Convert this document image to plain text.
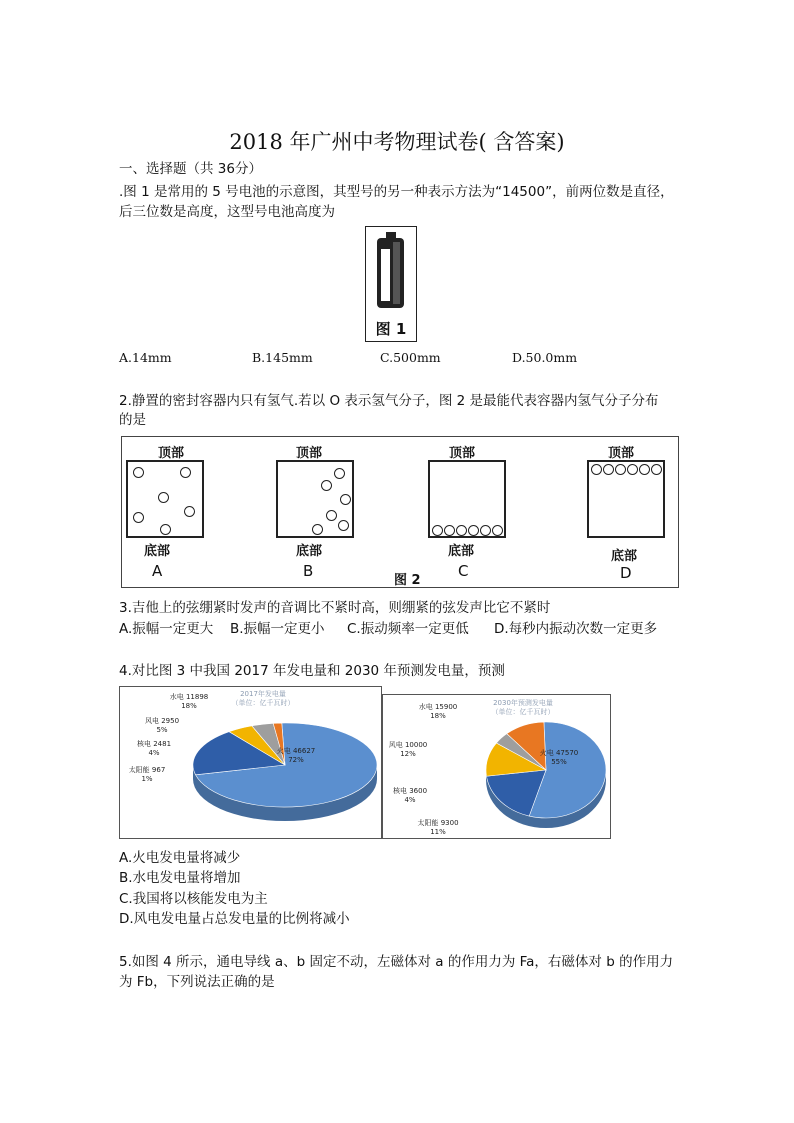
2018 年广州中考物理试卷( 含答案)
一、选择题（共 36分）
.图 1 是常用的 5 号电池的示意图，其型号的另一种表示方法为“14500”，前两位数是直径，
后三位数是高度，这型号电池高度为
图 1
A.14mm	B.145mm	C.500mm	D.50.0mm
2.静置的密封容器内只有氢气.若以 O 表示氢气分子，图 2 是最能代表容器内氢气分子分布
的是
顶部
底部
A
顶部
底部
B
顶部
底部
C
顶部
底部
D
图 2
3.吉他上的弦绷紧时发声的音调比不紧时高，则绷紧的弦发声比它不紧时
A.振幅一定更大 B.振幅一定更小 C.振动频率一定更低 D.每秒内振动次数一定更多
4.对比图 3 中我国 2017 年发电量和 2030 年预测发电量，预测
2017年发电量
（单位：亿千瓦时）
水电 11898
18%
风电 2950
5%
核电 2481
4%
太阳能 967
1%
火电 46627
72%
2030年预测发电量
（单位：亿千瓦时）
水电 15900
18%
风电 10000
12%
核电 3600
4%
太阳能 9300
11%
火电 47570
55%
A.火电发电量将减少
B.水电发电量将增加
C.我国将以核能发电为主
D.风电发电量占总发电量的比例将减小
5.如图 4 所示，通电导线 a、b 固定不动，左磁体对 a 的作用力为 Fa，右磁体对 b 的作用力
为 Fb，下列说法正确的是
